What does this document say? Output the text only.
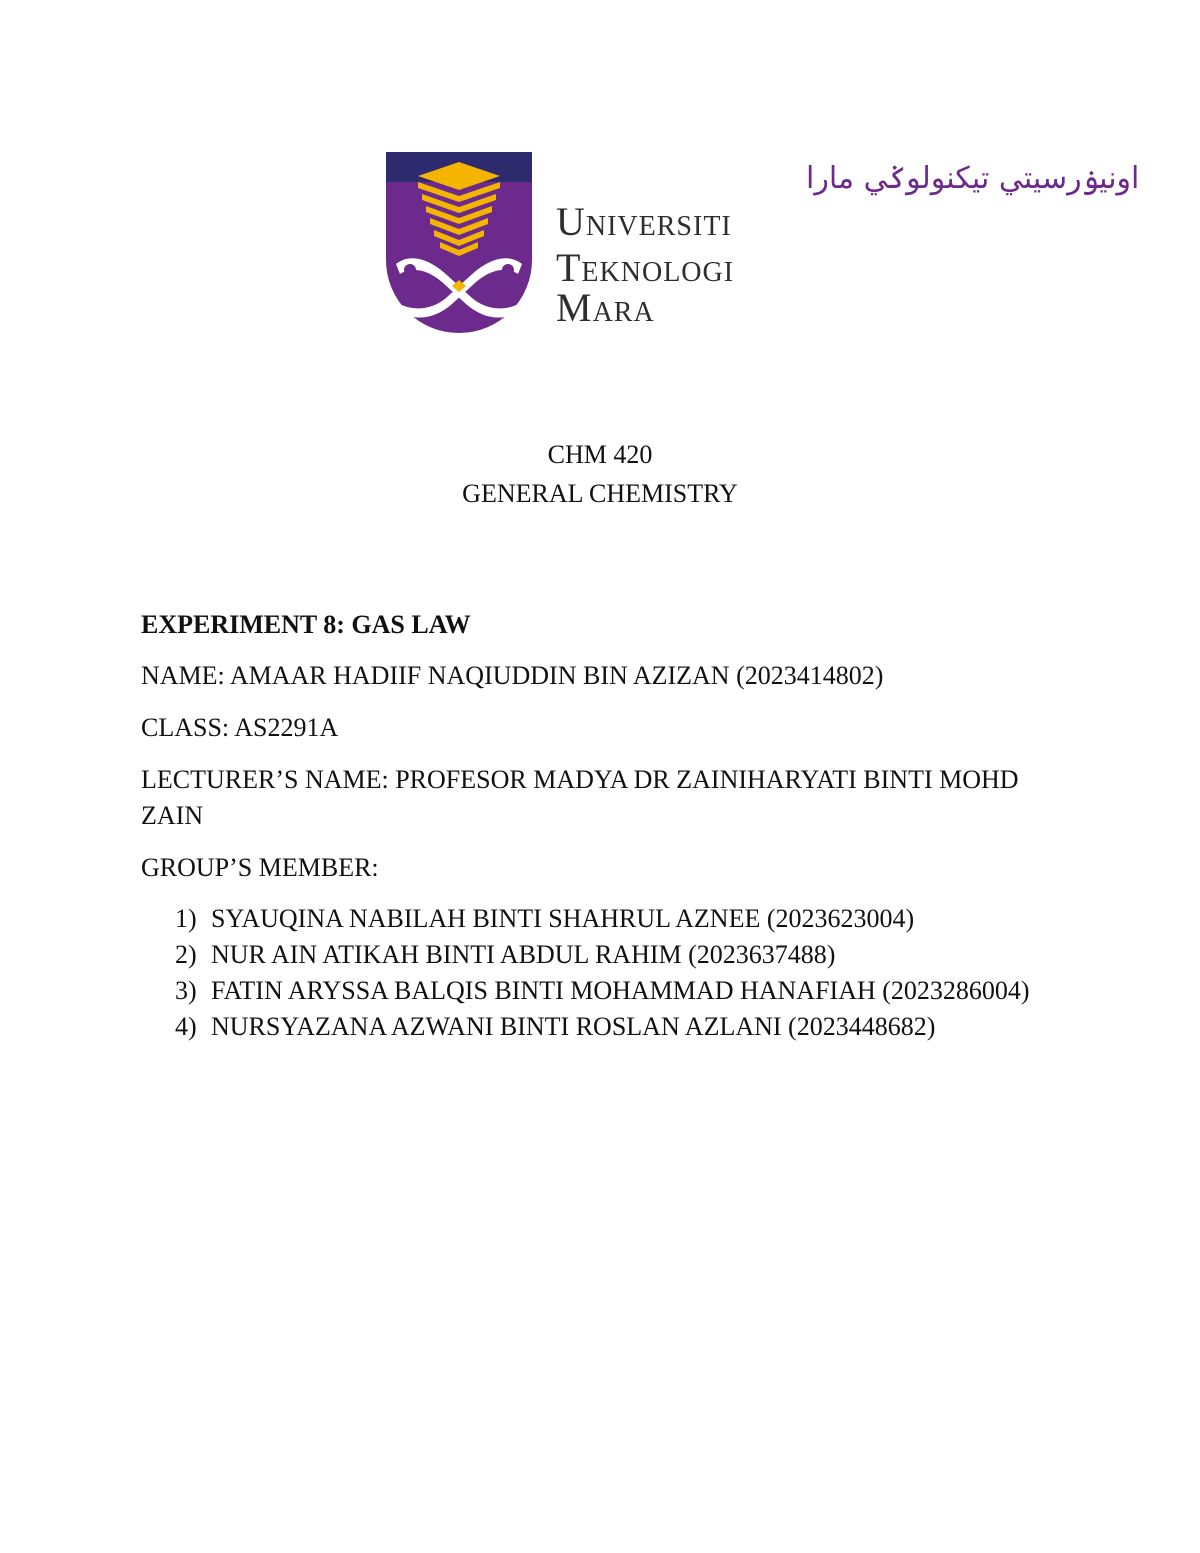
اونيۏرسيتي تيكنولوݢي مارا
Universiti
Teknologi
Mara
CHM 420
GENERAL CHEMISTRY
EXPERIMENT 8: GAS LAW
NAME: AMAAR HADIIF NAQIUDDIN BIN AZIZAN (2023414802)
CLASS: AS2291A
LECTURER’S NAME: PROFESOR MADYA DR ZAINIHARYATI BINTI MOHD ZAIN
GROUP’S MEMBER:
1) SYAUQINA NABILAH BINTI SHAHRUL AZNEE (2023623004)
2) NUR AIN ATIKAH BINTI ABDUL RAHIM (2023637488)
3) FATIN ARYSSA BALQIS BINTI MOHAMMAD HANAFIAH (2023286004)
4) NURSYAZANA AZWANI BINTI ROSLAN AZLANI (2023448682)
